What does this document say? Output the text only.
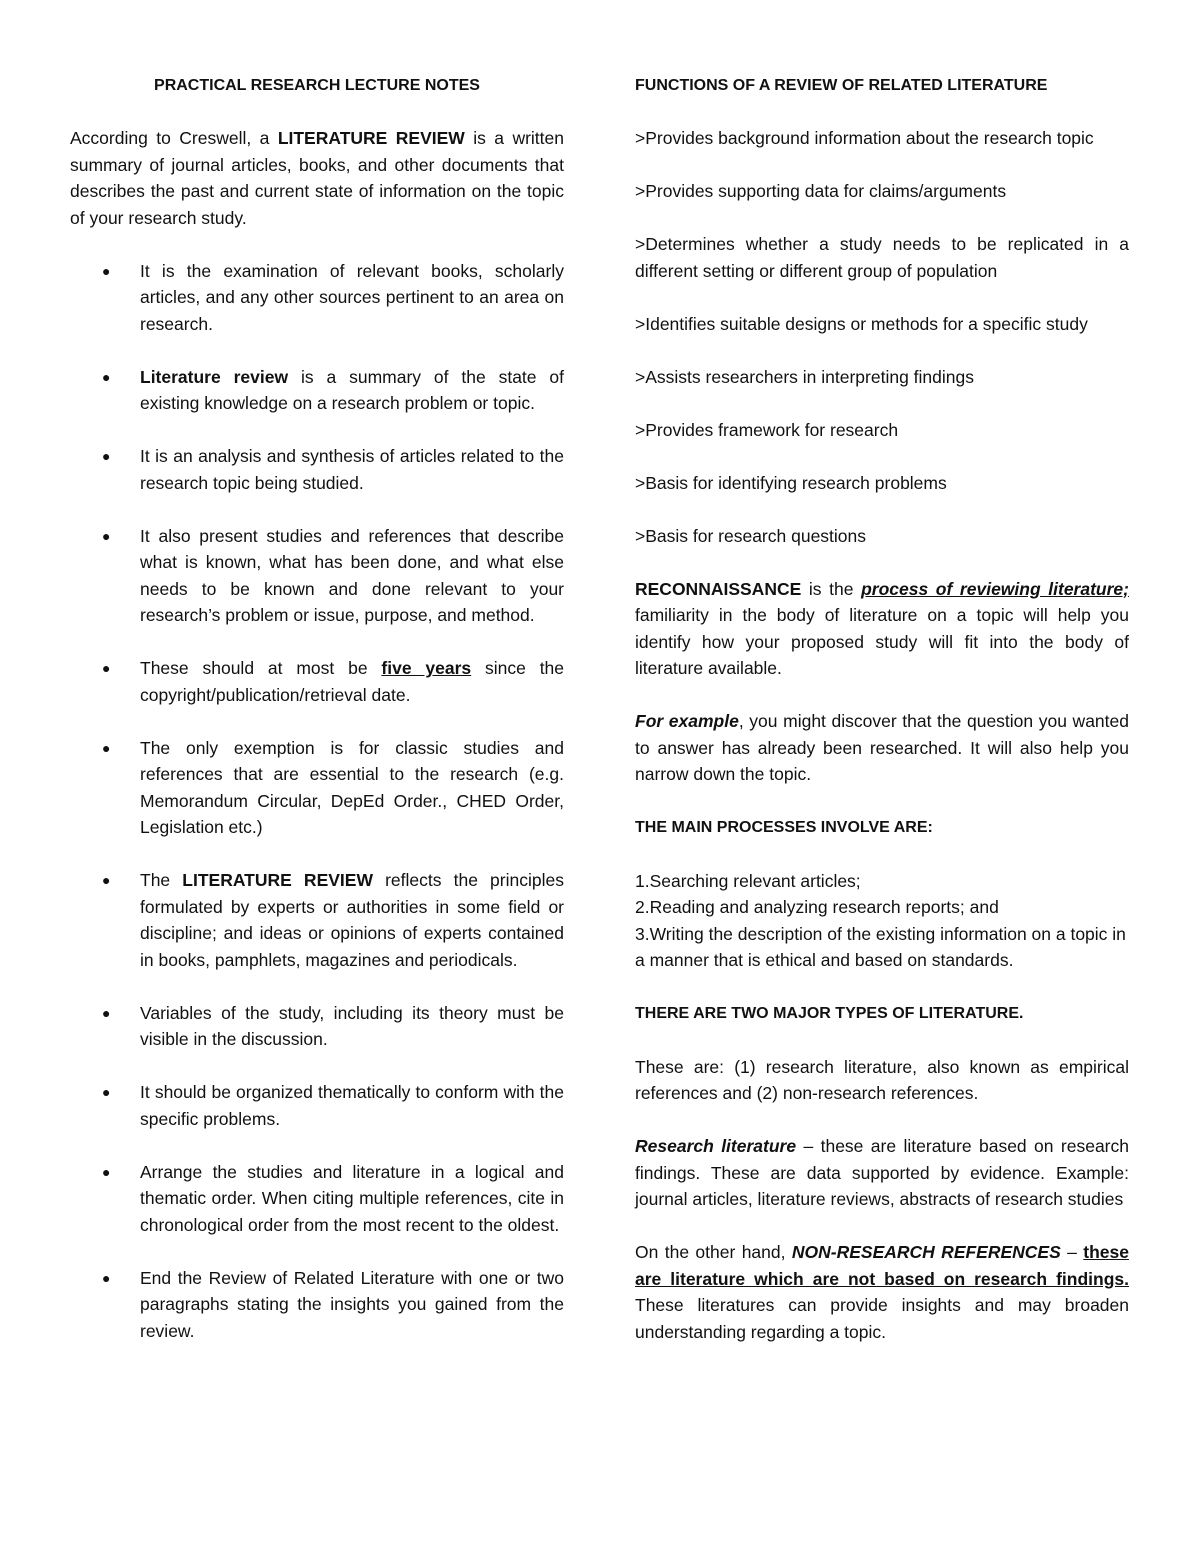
PRACTICAL RESEARCH LECTURE NOTES

According to Creswell, a LITERATURE REVIEW is a written summary of journal articles, books, and other documents that describes the past and current state of information on the topic of your research study.

● It is the examination of relevant books, scholarly articles, and any other sources pertinent to an area on research.
● Literature review is a summary of the state of existing knowledge on a research problem or topic.
● It is an analysis and synthesis of articles related to the research topic being studied.
● It also present studies and references that describe what is known, what has been done, and what else needs to be known and done relevant to your research’s problem or issue, purpose, and method.
● These should at most be five years since the copyright/publication/retrieval date.
● The only exemption is for classic studies and references that are essential to the research (e.g. Memorandum Circular, DepEd Order., CHED Order, Legislation etc.)
● The LITERATURE REVIEW reflects the principles formulated by experts or authorities in some field or discipline; and ideas or opinions of experts contained in books, pamphlets, magazines and periodicals.
● Variables of the study, including its theory must be visible in the discussion.
● It should be organized thematically to conform with the specific problems.
● Arrange the studies and literature in a logical and thematic order. When citing multiple references, cite in chronological order from the most recent to the oldest.
● End the Review of Related Literature with one or two paragraphs stating the insights you gained from the review.

FUNCTIONS OF A REVIEW OF RELATED LITERATURE

>Provides background information about the research topic

>Provides supporting data for claims/arguments

>Determines whether a study needs to be replicated in a different setting or different group of population

>Identifies suitable designs or methods for a specific study

>Assists researchers in interpreting findings

>Provides framework for research

>Basis for identifying research problems

>Basis for research questions

RECONNAISSANCE is the process of reviewing literature; familiarity in the body of literature on a topic will help you identify how your proposed study will fit into the body of literature available.

For example, you might discover that the question you wanted to answer has already been researched. It will also help you narrow down the topic.

THE MAIN PROCESSES INVOLVE ARE:

1.Searching relevant articles;

2.Reading and analyzing research reports; and

3.Writing the description of the existing information on a topic in a manner that is ethical and based on standards.

THERE ARE TWO MAJOR TYPES OF LITERATURE.

These are: (1) research literature, also known as empirical references and (2) non-research references.

Research literature – these are literature based on research findings. These are data supported by evidence. Example: journal articles, literature reviews, abstracts of research studies

On the other hand, NON-RESEARCH REFERENCES – these are literature which are not based on research findings. These literatures can provide insights and may broaden understanding regarding a topic.
